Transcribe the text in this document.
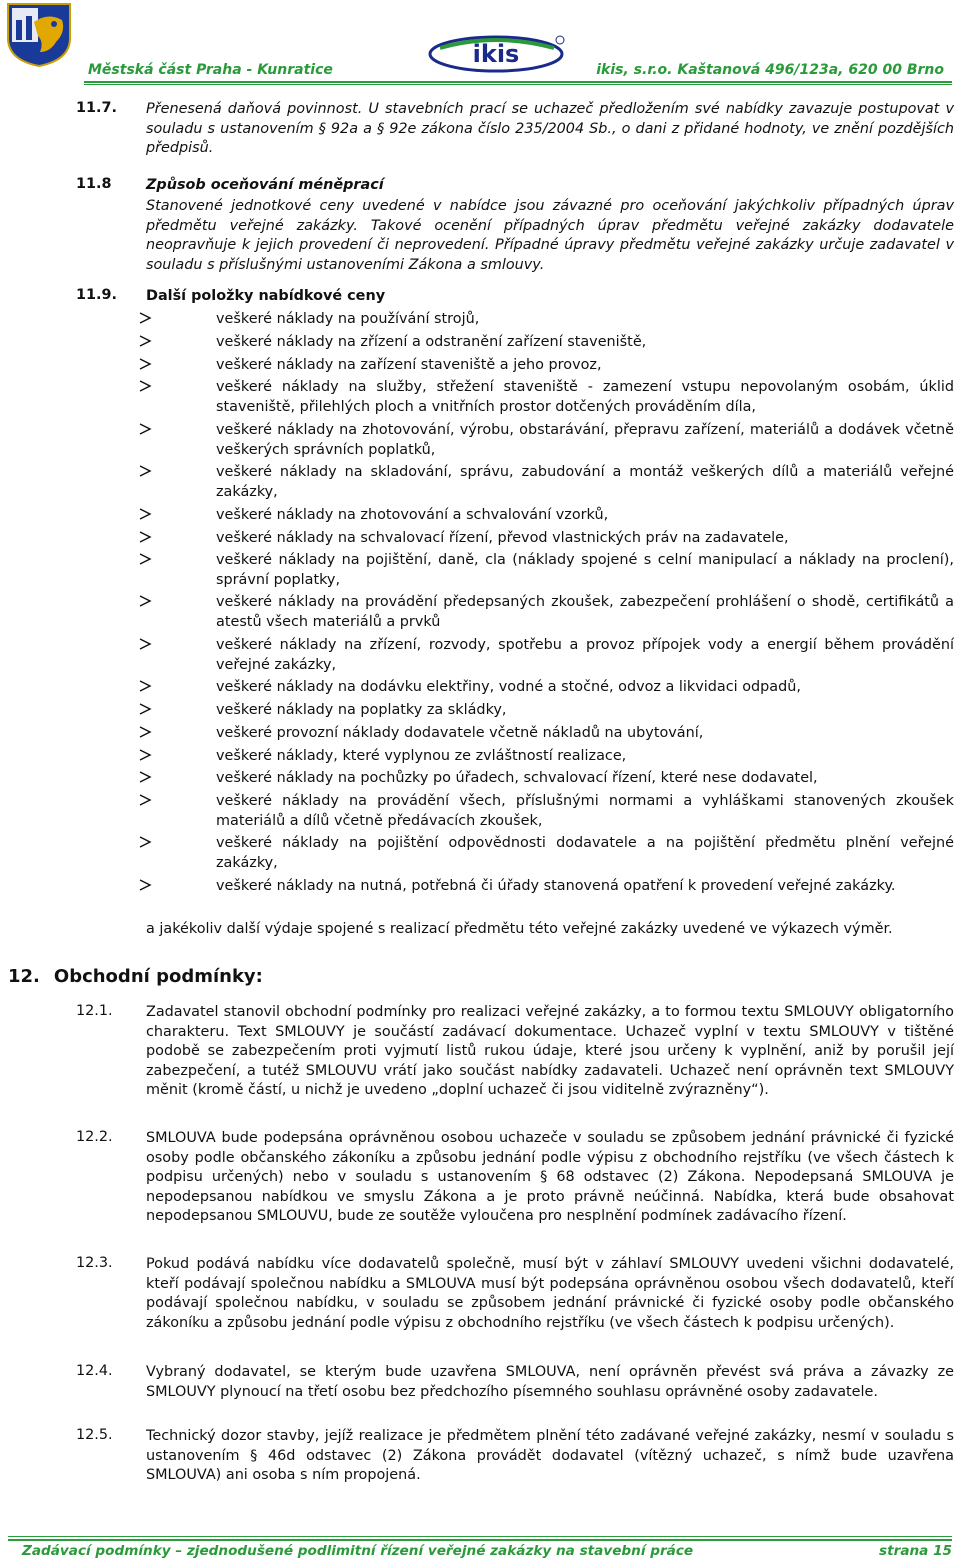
ikis
Městská část Praha - Kunratice	ikis, s.r.o. Kaštanová 496/123a, 620 00 Brno
11.7. Přenesená daňová povinnost. U stavebních prací se uchazeč předložením své nabídky zavazuje postupovat v souladu s ustanovením § 92a a § 92e zákona číslo 235/2004 Sb., o dani z přidané hodnoty, ve znění pozdějších předpisů.
11.8 Způsob oceňování méněprací
Stanovené jednotkové ceny uvedené v nabídce jsou závazné pro oceňování jakýchkoliv případných úprav předmětu veřejné zakázky. Takové ocenění případných úprav předmětu veřejné zakázky dodavatele neopravňuje k jejich provedení či neprovedení. Případné úpravy předmětu veřejné zakázky určuje zadavatel v souladu s příslušnými ustanoveními Zákona a smlouvy.
11.9. Další položky nabídkové ceny
veškeré náklady na používání strojů,
veškeré náklady na zřízení a odstranění zařízení staveniště,
veškeré náklady na zařízení staveniště a jeho provoz,
veškeré náklady na služby, střežení staveniště - zamezení vstupu nepovolaným osobám, úklid staveniště, přilehlých ploch a vnitřních prostor dotčených prováděním díla,
veškeré náklady na zhotovování, výrobu, obstarávání, přepravu zařízení, materiálů a dodávek včetně veškerých správních poplatků,
veškeré náklady na skladování, správu, zabudování a montáž veškerých dílů a materiálů veřejné zakázky,
veškeré náklady na zhotovování a schvalování vzorků,
veškeré náklady na schvalovací řízení, převod vlastnických práv na zadavatele,
veškeré náklady na pojištění, daně, cla (náklady spojené s celní manipulací a náklady na proclení), správní poplatky,
veškeré náklady na provádění předepsaných zkoušek, zabezpečení prohlášení o shodě, certifikátů a atestů všech materiálů a prvků
veškeré náklady na zřízení, rozvody, spotřebu a provoz přípojek vody a energií během provádění veřejné zakázky,
veškeré náklady na dodávku elektřiny, vodné a stočné, odvoz a likvidaci odpadů,
veškeré náklady na poplatky za skládky,
veškeré provozní náklady dodavatele včetně nákladů na ubytování,
veškeré náklady, které vyplynou ze zvláštností realizace,
veškeré náklady na pochůzky po úřadech, schvalovací řízení, které nese dodavatel,
veškeré náklady na provádění všech, příslušnými normami a vyhláškami stanovených zkoušek materiálů a dílů včetně předávacích zkoušek,
veškeré náklady na pojištění odpovědnosti dodavatele a na pojištění předmětu plnění veřejné zakázky,
veškeré náklady na nutná, potřebná či úřady stanovená opatření k provedení veřejné zakázky.
a jakékoliv další výdaje spojené s realizací předmětu této veřejné zakázky uvedené ve výkazech výměr.
12. Obchodní podmínky:
12.1. Zadavatel stanovil obchodní podmínky pro realizaci veřejné zakázky, a to formou textu SMLOUVY obligatorního charakteru. Text SMLOUVY je součástí zadávací dokumentace. Uchazeč vyplní v textu SMLOUVY v tištěné podobě se zabezpečením proti vyjmutí listů rukou údaje, které jsou určeny k vyplnění, aniž by porušil její zabezpečení, a tutéž SMLOUVU vrátí jako součást nabídky zadavateli. Uchazeč není oprávněn text SMLOUVY měnit (kromě částí, u nichž je uvedeno „doplní uchazeč či jsou viditelně zvýrazněny“).
12.2. SMLOUVA bude podepsána oprávněnou osobou uchazeče v souladu se způsobem jednání právnické či fyzické osoby podle občanského zákoníku a způsobu jednání podle výpisu z obchodního rejstříku (ve všech částech k podpisu určených) nebo v souladu s ustanovením § 68 odstavec (2) Zákona. Nepodepsaná SMLOUVA je nepodepsanou nabídkou ve smyslu Zákona a je proto právně neúčinná. Nabídka, která bude obsahovat nepodepsanou SMLOUVU, bude ze soutěže vyloučena pro nesplnění podmínek zadávacího řízení.
12.3. Pokud podává nabídku více dodavatelů společně, musí být v záhlaví SMLOUVY uvedeni všichni dodavatelé, kteří podávají společnou nabídku a SMLOUVA musí být podepsána oprávněnou osobou všech dodavatelů, kteří podávají společnou nabídku, v souladu se způsobem jednání právnické či fyzické osoby podle občanského zákoníku a způsobu jednání podle výpisu z obchodního rejstříku (ve všech částech k podpisu určených).
12.4. Vybraný dodavatel, se kterým bude uzavřena SMLOUVA, není oprávněn převést svá práva a závazky ze SMLOUVY plynoucí na třetí osobu bez předchozího písemného souhlasu oprávněné osoby zadavatele.
12.5. Technický dozor stavby, jejíž realizace je předmětem plnění této zadávané veřejné zakázky, nesmí v souladu s ustanovením § 46d odstavec (2) Zákona provádět dodavatel (vítězný uchazeč, s nímž bude uzavřena SMLOUVA) ani osoba s ním propojená.
Zadávací podmínky – zjednodušené podlimitní řízení veřejné zakázky na stavební práce	strana 15
